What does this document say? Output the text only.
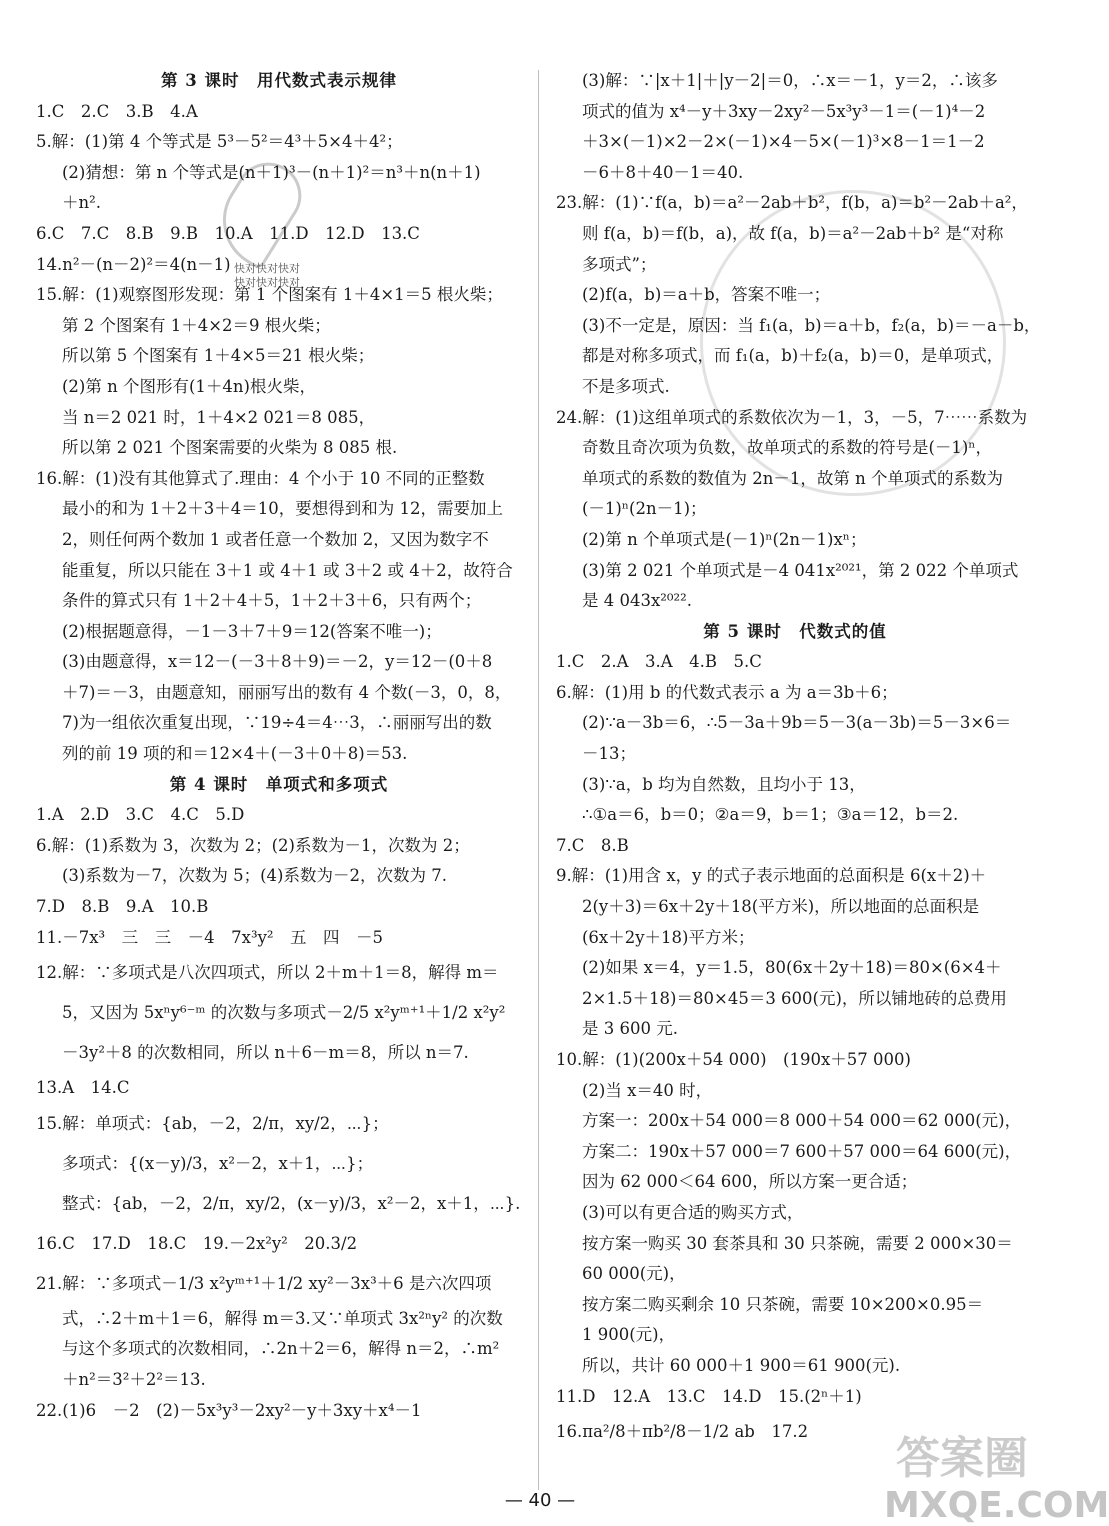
快对快对快对
快对快对快对
第 3 课时　用代数式表示规律
1.C　2.C　3.B　4.A
5.解：(1)第 4 个等式是 5³－5²＝4³＋5×4＋4²；
(2)猜想：第 n 个等式是(n＋1)³－(n＋1)²＝n³＋n(n＋1)
＋n².
6.C　7.C　8.B　9.B　10.A　11.D　12.D　13.C
14.n²－(n－2)²＝4(n－1)
15.解：(1)观察图形发现：第 1 个图案有 1＋4×1＝5 根火柴；
第 2 个图案有 1＋4×2＝9 根火柴；
所以第 5 个图案有 1＋4×5＝21 根火柴；
(2)第 n 个图形有(1＋4n)根火柴，
当 n＝2 021 时，1＋4×2 021＝8 085，
所以第 2 021 个图案需要的火柴为 8 085 根.
16.解：(1)没有其他算式了.理由：4 个小于 10 不同的正整数
最小的和为 1＋2＋3＋4＝10，要想得到和为 12，需要加上
2，则任何两个数加 1 或者任意一个数加 2，又因为数字不
能重复，所以只能在 3＋1 或 4＋1 或 3＋2 或 4＋2，故符合
条件的算式只有 1＋2＋4＋5，1＋2＋3＋6，只有两个；
(2)根据题意得，－1－3＋7＋9＝12(答案不唯一)；
(3)由题意得，x＝12－(－3＋8＋9)＝－2，y＝12－(0＋8
＋7)＝－3，由题意知，丽丽写出的数有 4 个数(－3，0，8，
7)为一组依次重复出现，∵19÷4＝4⋯3，∴丽丽写出的数
列的前 19 项的和＝12×4＋(－3＋0＋8)＝53.
第 4 课时　单项式和多项式
1.A　2.D　3.C　4.C　5.D
6.解：(1)系数为 3，次数为 2；(2)系数为－1，次数为 2；
(3)系数为－7，次数为 5；(4)系数为－2，次数为 7.
7.D　8.B　9.A　10.B
11.－7x³　三　三　－4　7x³y²　五　四　－5
12.解：∵多项式是八次四项式，所以 2＋m＋1＝8，解得 m＝
5，又因为 5xⁿy⁶⁻ᵐ 的次数与多项式－2/5 x²yᵐ⁺¹＋1/2 x²y²
－3y²＋8 的次数相同，所以 n＋6－m＝8，所以 n＝7.
13.A　14.C
15.解：单项式：{ab，－2，2/π，xy/2，⋯}；
多项式：{(x－y)/3，x²－2，x＋1，⋯}；
整式：{ab，－2，2/π，xy/2，(x－y)/3，x²－2，x＋1，⋯}.
16.C　17.D　18.C　19.－2x²y²　20.3/2
21.解：∵多项式－1/3 x²yᵐ⁺¹＋1/2 xy²－3x³＋6 是六次四项
式，∴2＋m＋1＝6，解得 m＝3.又∵单项式 3x²ⁿy² 的次数
与这个多项式的次数相同，∴2n＋2＝6，解得 n＝2，∴m²
＋n²＝3²＋2²＝13.
22.(1)6　－2　(2)－5x³y³－2xy²－y＋3xy＋x⁴－1
(3)解：∵|x＋1|＋|y－2|＝0，∴x＝－1，y＝2，∴该多
项式的值为 x⁴－y＋3xy－2xy²－5x³y³－1＝(－1)⁴－2
＋3×(－1)×2－2×(－1)×4－5×(－1)³×8－1＝1－2
－6＋8＋40－1＝40.
23.解：(1)∵f(a，b)＝a²－2ab＋b²，f(b，a)＝b²－2ab＋a²，
则 f(a，b)＝f(b，a)，故 f(a，b)＝a²－2ab＋b² 是“对称
多项式”；
(2)f(a，b)＝a＋b，答案不唯一；
(3)不一定是，原因：当 f₁(a，b)＝a＋b，f₂(a，b)＝－a－b，
都是对称多项式，而 f₁(a，b)＋f₂(a，b)＝0，是单项式，
不是多项式.
24.解：(1)这组单项式的系数依次为－1，3，－5，7⋯⋯系数为
奇数且奇次项为负数，故单项式的系数的符号是(－1)ⁿ，
单项式的系数的数值为 2n－1，故第 n 个单项式的系数为
(－1)ⁿ(2n－1)；
(2)第 n 个单项式是(－1)ⁿ(2n－1)xⁿ；
(3)第 2 021 个单项式是－4 041x²⁰²¹，第 2 022 个单项式
是 4 043x²⁰²².
第 5 课时　代数式的值
1.C　2.A　3.A　4.B　5.C
6.解：(1)用 b 的代数式表示 a 为 a＝3b＋6；
(2)∵a－3b＝6，∴5－3a＋9b＝5－3(a－3b)＝5－3×6＝
－13；
(3)∵a，b 均为自然数，且均小于 13，
∴①a＝6，b＝0；②a＝9，b＝1；③a＝12，b＝2.
7.C　8.B
9.解：(1)用含 x，y 的式子表示地面的总面积是 6(x＋2)＋
2(y＋3)＝6x＋2y＋18(平方米)，所以地面的总面积是
(6x＋2y＋18)平方米；
(2)如果 x＝4，y＝1.5，80(6x＋2y＋18)＝80×(6×4＋
2×1.5＋18)＝80×45＝3 600(元)，所以铺地砖的总费用
是 3 600 元.
10.解：(1)(200x＋54 000)　(190x＋57 000)
(2)当 x＝40 时，
方案一：200x＋54 000＝8 000＋54 000＝62 000(元)，
方案二：190x＋57 000＝7 600＋57 000＝64 600(元)，
因为 62 000＜64 600，所以方案一更合适；
(3)可以有更合适的购买方式，
按方案一购买 30 套茶具和 30 只茶碗，需要 2 000×30＝
60 000(元)，
按方案二购买剩余 10 只茶碗，需要 10×200×0.95＝
1 900(元)，
所以，共计 60 000＋1 900＝61 900(元).
11.D　12.A　13.C　14.D　15.(2ⁿ＋1)
16.πa²/8＋πb²/8－1/2 ab　17.2
— 40 —
答案圈
MXQE.COM
